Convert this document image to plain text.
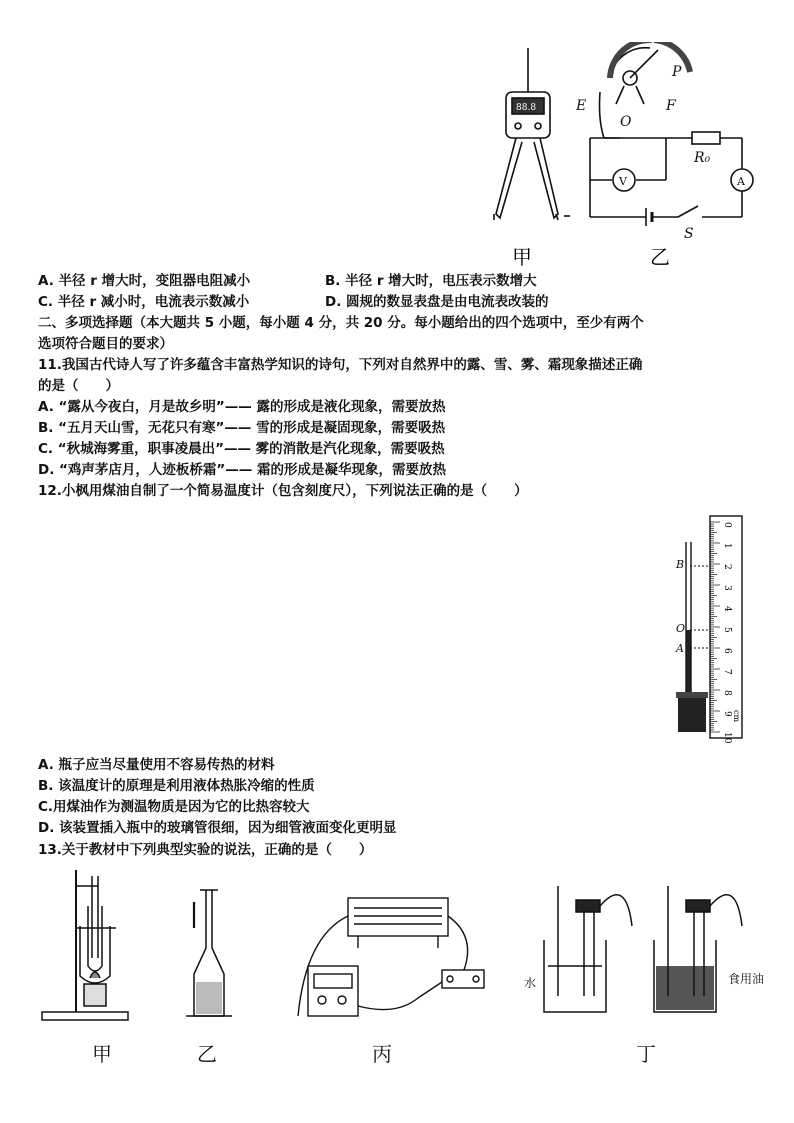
88.8
甲
P
E	F
O
R₀
S
V	A
乙
A. 半径 r 增大时，变阻器电阻减小	B. 半径 r 增大时，电压表示数增大
C. 半径 r 减小时，电流表示数减小	D. 圆规的数显表盘是由电流表改装的
二、多项选择题（本大题共 5 小题，每小题 4 分，共 20 分。每小题给出的四个选项中，至少有两个
选项符合题目的要求）
11.我国古代诗人写了许多蕴含丰富热学知识的诗句，下列对自然界中的露、雪、雾、霜现象描述正确
的是（　　）
A. “露从今夜白，月是故乡明”—— 露的形成是液化现象，需要放热
B. “五月天山雪，无花只有寒”—— 雪的形成是凝固现象，需要吸热
C. “秋城海雾重，职事凌晨出”—— 雾的消散是汽化现象，需要吸热
D. “鸡声茅店月，人迹板桥霜”—— 霜的形成是凝华现象，需要放热
12.小枫用煤油自制了一个简易温度计（包含刻度尺），下列说法正确的是（　　）
B
O
A
0
1
2
3
4
5
6
7
8
9
10
cm
A. 瓶子应当尽量使用不容易传热的材料
B. 该温度计的原理是利用液体热胀冷缩的性质
C.用煤油作为测温物质是因为它的比热容较大
D. 该装置插入瓶中的玻璃管很细，因为细管液面变化更明显
13.关于教材中下列典型实验的说法，正确的是（　　）
水	食用油
甲	乙	丙	丁
